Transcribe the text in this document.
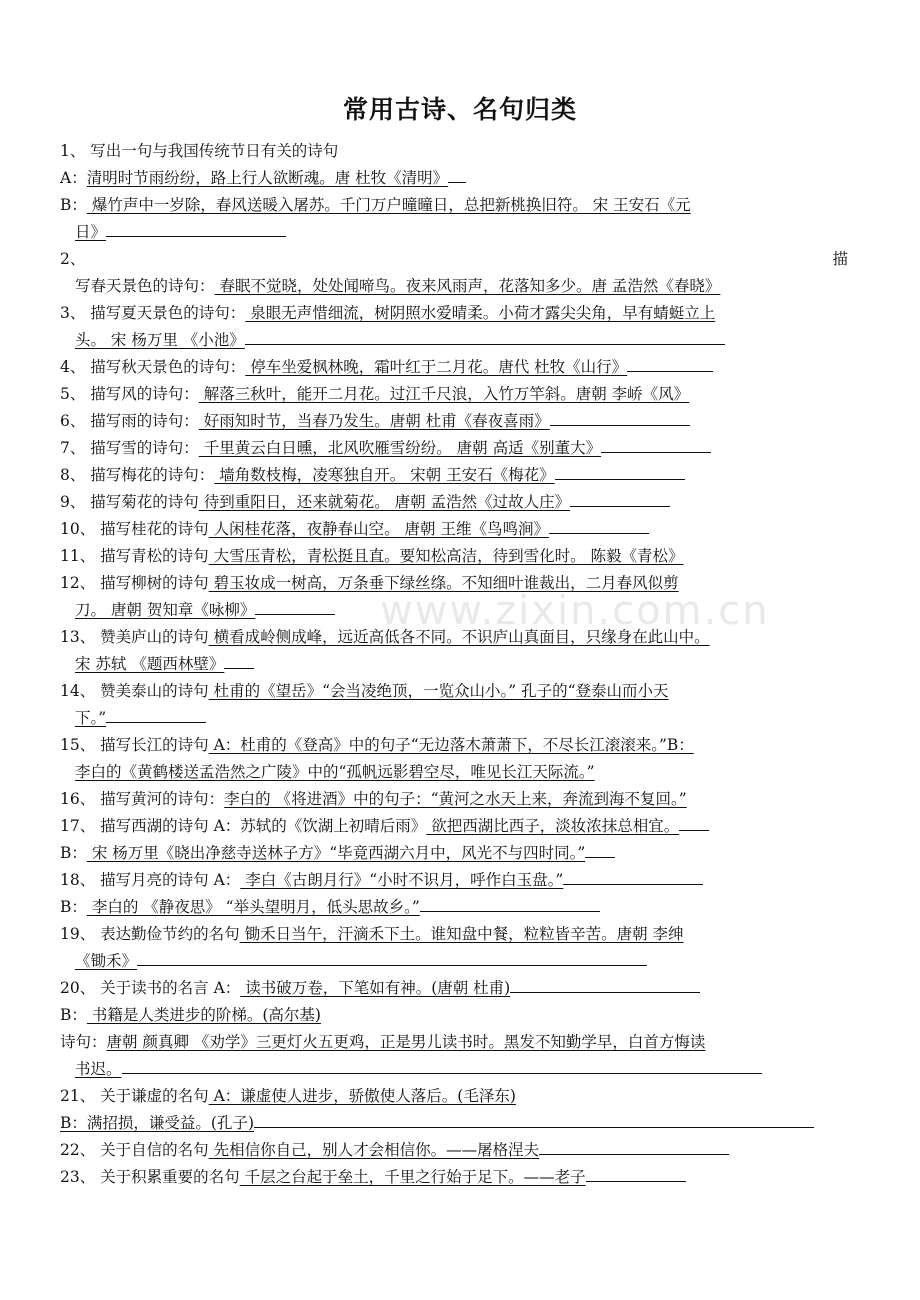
常用古诗、名句归类
www.zixin.com.cn
1、 写出一句与我国传统节日有关的诗句
A：清明时节雨纷纷，路上行人欲断魂。唐 杜牧《清明》
B： 爆竹声中一岁除，春风送暖入屠苏。千门万户曈曈日，总把新桃换旧符。 宋 王安石《元
日》
2、	描
写春天景色的诗句： 春眠不觉晓，处处闻啼鸟。夜来风雨声，花落知多少。唐 孟浩然《春晓》
3、 描写夏天景色的诗句： 泉眼无声惜细流，树阴照水爱晴柔。小荷才露尖尖角，早有蜻蜓立上
头。 宋 杨万里 《小池》
4、 描写秋天景色的诗句： 停车坐爱枫林晚，霜叶红于二月花。唐代 杜牧《山行》
5、 描写风的诗句： 解落三秋叶，能开二月花。过江千尺浪，入竹万竿斜。唐朝 李峤《风》
6、 描写雨的诗句： 好雨知时节，当春乃发生。唐朝 杜甫《春夜喜雨》
7、 描写雪的诗句： 千里黄云白日曛，北风吹雁雪纷纷。 唐朝 高适《别董大》
8、 描写梅花的诗句： 墙角数枝梅，凌寒独自开。 宋朝 王安石《梅花》
9、 描写菊花的诗句 待到重阳日，还来就菊花。 唐朝 孟浩然《过故人庄》
10、 描写桂花的诗句 人闲桂花落，夜静春山空。 唐朝 王维《鸟鸣涧》
11、 描写青松的诗句 大雪压青松，青松挺且直。要知松高洁，待到雪化时。 陈毅《青松》
12、 描写柳树的诗句 碧玉妆成一树高，万条垂下绿丝绦。不知细叶谁裁出，二月春风似剪
刀。 唐朝 贺知章《咏柳》
13、 赞美庐山的诗句 横看成岭侧成峰，远近高低各不同。不识庐山真面目，只缘身在此山中。
宋 苏轼 《题西林壁》
14、 赞美泰山的诗句 杜甫的《望岳》“会当凌绝顶，一览众山小。” 孔子的“登泰山而小天
下。”
15、 描写长江的诗句 A：杜甫的《登高》中的句子“无边落木萧萧下，不尽长江滚滚来。”B：
李白的《黄鹤楼送孟浩然之广陵》中的“孤帆远影碧空尽，唯见长江天际流。”
16、 描写黄河的诗句：李白的 《将进酒》中的句子：“黄河之水天上来，奔流到海不复回。”
17、 描写西湖的诗句 A：苏轼的《饮湖上初晴后雨》 欲把西湖比西子，淡妆浓抹总相宜。
B： 宋 杨万里《晓出净慈寺送林子方》“毕竟西湖六月中，风光不与四时同。”
18、 描写月亮的诗句 A： 李白《古朗月行》“小时不识月，呼作白玉盘。”
B： 李白的 《静夜思》 “举头望明月，低头思故乡。”
19、 表达勤俭节约的名句 锄禾日当午，汗滴禾下土。谁知盘中餐，粒粒皆辛苦。唐朝 李绅
《锄禾》
20、 关于读书的名言 A： 读书破万卷，下笔如有神。(唐朝 杜甫)
B： 书籍是人类进步的阶梯。(高尔基)
诗句：唐朝 颜真卿 《劝学》三更灯火五更鸡，正是男儿读书时。黑发不知勤学早，白首方悔读
书迟。
21、 关于谦虚的名句 A：谦虚使人进步，骄傲使人落后。(毛泽东)
B：满招损，谦受益。(孔子)
22、 关于自信的名句 先相信你自己，别人才会相信你。——屠格涅夫
23、 关于积累重要的名句 千层之台起于垒土，千里之行始于足下。——老子
